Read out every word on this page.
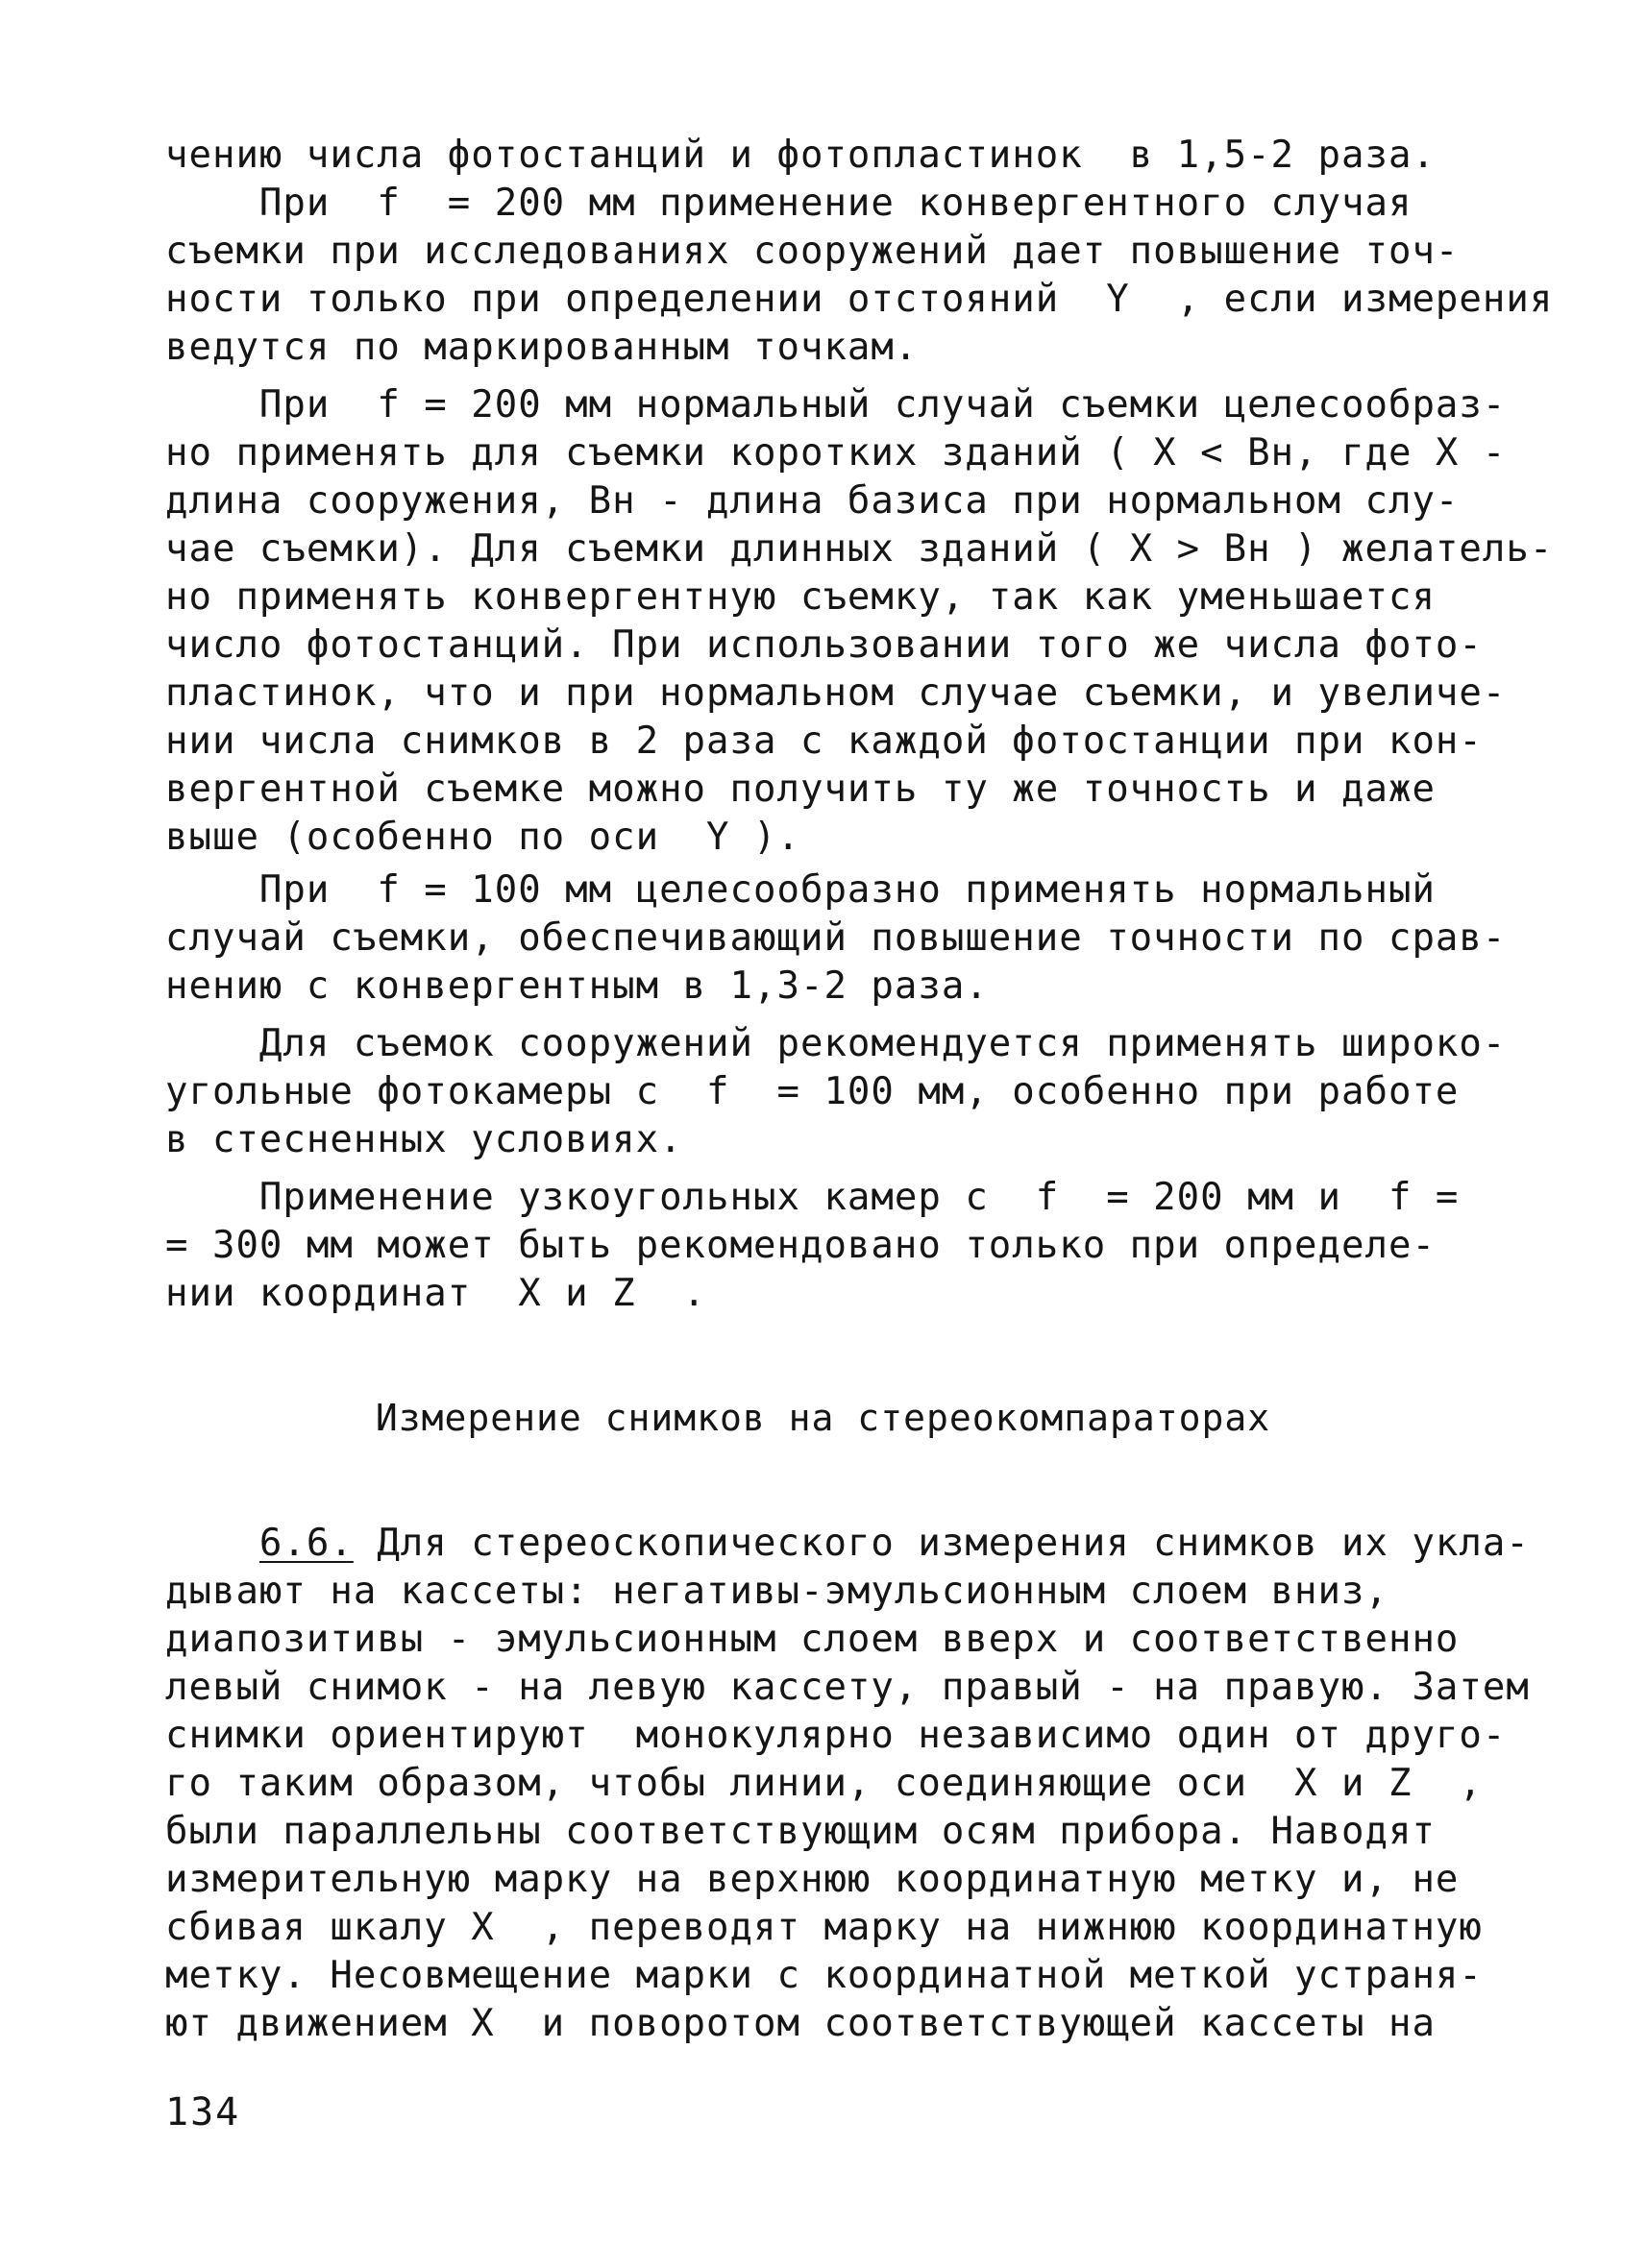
чению числа фотостанций и фотопластинок  в 1,5-2 раза.
При  f  = 200 мм применение конвергентного случая
съемки при исследованиях сооружений дает повышение точ-
ности только при определении отстояний  Y  , если измерения
ведутся по маркированным точкам.
При  f = 200 мм нормальный случай съемки целесообраз-
но применять для съемки коротких зданий ( X < Bн, где X -
длина сооружения, Bн - длина базиса при нормальном слу-
чае съемки). Для съемки длинных зданий ( X > Bн ) желатель-
но применять конвергентную съемку, так как уменьшается
число фотостанций. При использовании того же числа фото-
пластинок, что и при нормальном случае съемки, и увеличе-
нии числа снимков в 2 раза с каждой фотостанции при кон-
вергентной съемке можно получить ту же точность и даже
выше (особенно по оси  Y ).
При  f = 100 мм целесообразно применять нормальный
случай съемки, обеспечивающий повышение точности по срав-
нению с конвергентным в 1,3-2 раза.
Для съемок сооружений рекомендуется применять широко-
угольные фотокамеры с  f  = 100 мм, особенно при работе
в стесненных условиях.
Применение узкоугольных камер с  f  = 200 мм и  f =
= 300 мм может быть рекомендовано только при определе-
нии координат  X и Z  .
Измерение снимков на стереокомпараторах
6.6. Для стереоскопического измерения снимков их укла-
дывают на кассеты: негативы-эмульсионным слоем вниз,
диапозитивы - эмульсионным слоем вверх и соответственно
левый снимок - на левую кассету, правый - на правую. Затем
снимки ориентируют  монокулярно независимо один от друго-
го таким образом, чтобы линии, соединяющие оси  X и Z  ,
были параллельны соответствующим осям прибора. Наводят
измерительную марку на верхнюю координатную метку и, не
сбивая шкалу X  , переводят марку на нижнюю координатную
метку. Несовмещение марки с координатной меткой устраня-
ют движением X  и поворотом соответствующей кассеты на
134
